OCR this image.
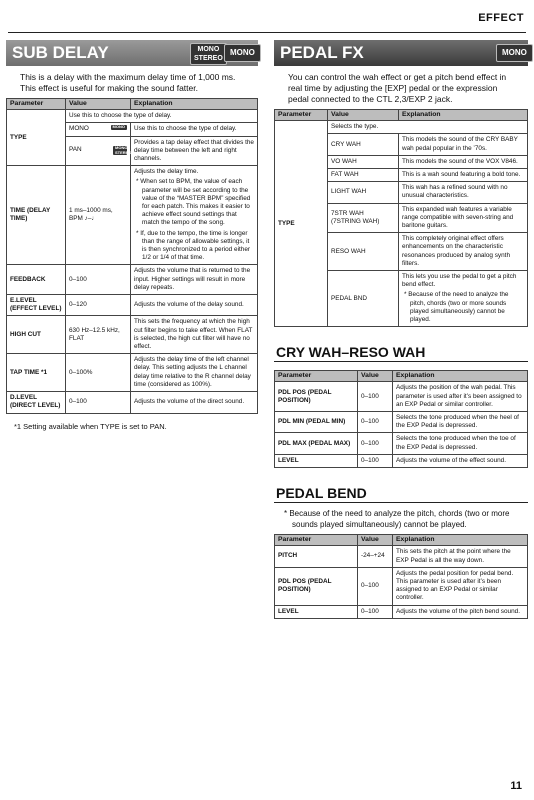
EFFECT
SUB DELAY	MONO
STEREO
MONO

This is a delay with the maximum delay time of 1,000 ms. This effect is useful for making the sound fatter.

Parameter	Value	Explanation
TYPE	Use this to choose the type of delay.	
	MONO MONO	Use this to choose the type of delay.
	PAN MONO STEREO	Provides a tap delay effect that divides the delay time between the left and right channels.
TIME (DELAY TIME)	1 ms–1000 ms, BPM ♪–♩	Adjusts the delay time.
* When set to BPM, the value of each parameter will be set according to the value of the “MASTER BPM” specified for each patch. This makes it easier to achieve effect sound settings that match the tempo of the song.
* If, due to the tempo, the time is longer than the range of allowable settings, it is then synchronized to a period either 1/2 or 1/4 of that time.

FEEDBACK	0–100	Adjusts the volume that is returned to the input. Higher settings will result in more delay repeats.
E.LEVEL (EFFECT LEVEL)	0–120	Adjusts the volume of the delay sound.
HIGH CUT	630 Hz–12.5 kHz, FLAT	This sets the frequency at which the high cut filter begins to take effect. When FLAT is selected, the high cut filter will have no effect.
TAP TIME *1	0–100%	Adjusts the delay time of the left channel delay. This setting adjusts the L channel delay time relative to the R channel delay time (considered as 100%).
D.LEVEL (DIRECT LEVEL)	0–100	Adjusts the volume of the direct sound.

*1 Setting available when TYPE is set to PAN.

PEDAL FX	MONO

You can control the wah effect or get a pitch bend effect in real time by adjusting the [EXP] pedal or the expression pedal connected to the CTL 2,3/EXP 2 jack.

Parameter	Value	Explanation
TYPE	Selects the type.	
	CRY WAH	This models the sound of the CRY BABY wah pedal popular in the ’70s.
	VO WAH	This models the sound of the VOX V846.
	FAT WAH	This is a wah sound featuring a bold tone.
	LIGHT WAH	This wah has a refined sound with no unusual characteristics.
	7STR WAH (7STRING WAH)	This expanded wah features a variable range compatible with seven-string and baritone guitars.
	RESO WAH	This completely original effect offers enhancements on the characteristic resonances produced by analog synth filters.
	PEDAL BND	This lets you use the pedal to get a pitch bend effect.
* Because of the need to analyze the pitch, chords (two or more sounds played simultaneously) cannot be played.
CRY WAH–RESO WAH
Parameter	Value	Explanation
PDL POS (PEDAL POSITION)	0–100	Adjusts the position of the wah pedal. This parameter is used after it’s been assigned to an EXP Pedal or similar controller.
PDL MIN (PEDAL MIN)	0–100	Selects the tone produced when the heel of the EXP Pedal is depressed.
PDL MAX (PEDAL MAX)	0–100	Selects the tone produced when the toe of the EXP Pedal is depressed.
LEVEL	0–100	Adjusts the volume of the effect sound.
PEDAL BEND

* Because of the need to analyze the pitch, chords (two or more sounds played simultaneously) cannot be played.

Parameter	Value	Explanation
PITCH	-24–+24	This sets the pitch at the point where the EXP Pedal is all the way down.
PDL POS (PEDAL POSITION)	0–100	Adjusts the pedal position for pedal bend. This parameter is used after it’s been assigned to an EXP Pedal or similar controller.
LEVEL	0–100	Adjusts the volume of the pitch bend sound.
11
